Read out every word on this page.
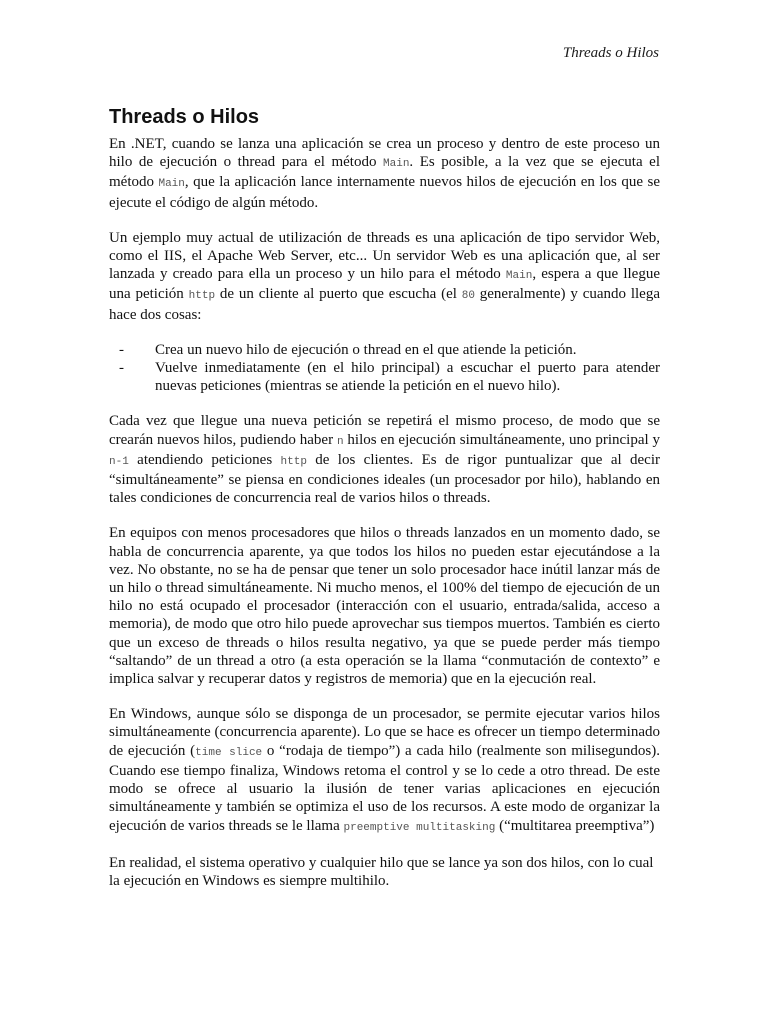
Threads o Hilos
Threads o Hilos

En .NET, cuando se lanza una aplicación se crea un proceso y dentro de este proceso un hilo de ejecución o thread para el método Main. Es posible, a la vez que se ejecuta el método Main, que la aplicación lance internamente nuevos hilos de ejecución en los que se ejecute el código de algún método.

Un ejemplo muy actual de utilización de threads es una aplicación de tipo servidor Web, como el IIS, el Apache Web Server, etc... Un servidor Web es una aplicación que, al ser lanzada y creado para ella un proceso y un hilo para el método Main, espera a que llegue una petición http de un cliente al puerto que escucha (el 80 generalmente) y cuando llega hace dos cosas:

- Crea un nuevo hilo de ejecución o thread en el que atiende la petición.
- Vuelve inmediatamente (en el hilo principal) a escuchar el puerto para atender nuevas peticiones (mientras se atiende la petición en el nuevo hilo).

Cada vez que llegue una nueva petición se repetirá el mismo proceso, de modo que se crearán nuevos hilos, pudiendo haber n hilos en ejecución simultáneamente, uno principal y n-1 atendiendo peticiones http de los clientes. Es de rigor puntualizar que al decir “simultáneamente” se piensa en condiciones ideales (un procesador por hilo), hablando en tales condiciones de concurrencia real de varios hilos o threads.

En equipos con menos procesadores que hilos o threads lanzados en un momento dado, se habla de concurrencia aparente, ya que todos los hilos no pueden estar ejecutándose a la vez. No obstante, no se ha de pensar que tener un solo procesador hace inútil lanzar más de un hilo o thread simultáneamente. Ni mucho menos, el 100% del tiempo de ejecución de un hilo no está ocupado el procesador (interacción con el usuario, entrada/salida, acceso a memoria), de modo que otro hilo puede aprovechar sus tiempos muertos. También es cierto que un exceso de threads o hilos resulta negativo, ya que se puede perder más tiempo “saltando” de un thread a otro (a esta operación se la llama “conmutación de contexto” e implica salvar y recuperar datos y registros de memoria) que en la ejecución real.

En Windows, aunque sólo se disponga de un procesador, se permite ejecutar varios hilos simultáneamente (concurrencia aparente). Lo que se hace es ofrecer un tiempo determinado de ejecución (time slice o “rodaja de tiempo”) a cada hilo (realmente son milisegundos). Cuando ese tiempo finaliza, Windows retoma el control y se lo cede a otro thread. De este modo se ofrece al usuario la ilusión de tener varias aplicaciones en ejecución simultáneamente y también se optimiza el uso de los recursos. A este modo de organizar la ejecución de varios threads se le llama preemptive multitasking (“multitarea preemptiva”)

En realidad, el sistema operativo y cualquier hilo que se lance ya son dos hilos, con lo cual la ejecución en Windows es siempre multihilo.
